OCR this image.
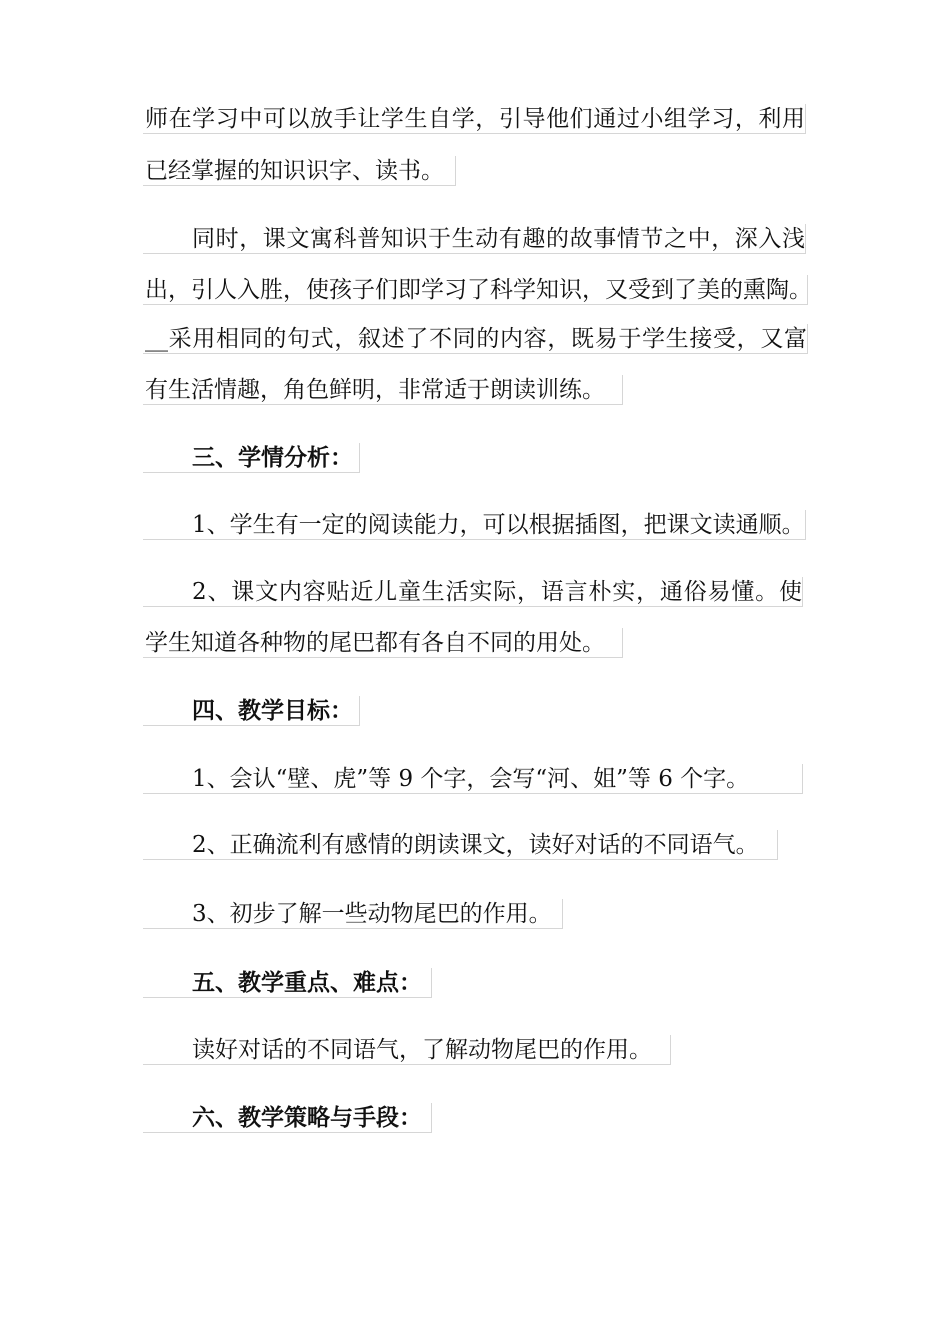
师在学习中可以放手让学生自学，引导他们通过小组学习，利用
已经掌握的知识识字、读书。
同时，课文寓科普知识于生动有趣的故事情节之中，深入浅
出，引人入胜，使孩子们即学习了科学知识，又受到了美的熏陶。
__采用相同的句式，叙述了不同的内容，既易于学生接受，又富
有生活情趣，角色鲜明，非常适于朗读训练。
三、学情分析：
1、学生有一定的阅读能力，可以根据插图，把课文读通顺。
2、课文内容贴近儿童生活实际，语言朴实，通俗易懂。使
学生知道各种物的尾巴都有各自不同的用处。
四、教学目标：
1、会认“壁、虎”等 9 个字，会写“河、姐”等 6 个字。
2、正确流利有感情的朗读课文，读好对话的不同语气。
3、初步了解一些动物尾巴的作用。
五、教学重点、难点：
读好对话的不同语气，了解动物尾巴的作用。
六、教学策略与手段：
